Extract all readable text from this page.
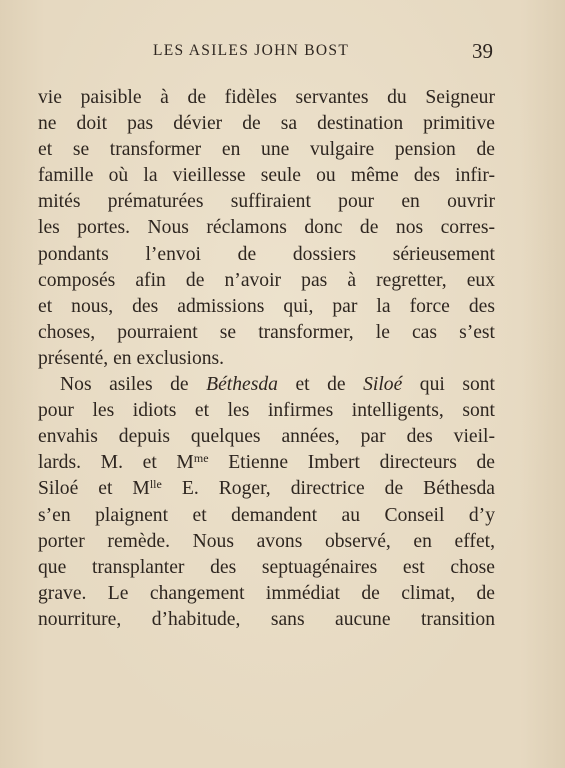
LES ASILES JOHN BOST	39
vie paisible à de fidèles servantes du Seigneur
ne doit pas dévier de sa destination primitive
et se transformer en une vulgaire pension de
famille où la vieillesse seule ou même des infir-
mités prématurées suffiraient pour en ouvrir
les portes. Nous réclamons donc de nos corres-
pondants l’envoi de dossiers sérieusement
composés afin de n’avoir pas à regretter, eux
et nous, des admissions qui, par la force des
choses, pourraient se transformer, le cas s’est
présenté, en exclusions.
Nos asiles de Béthesda et de Siloé qui sont
pour les idiots et les infirmes intelligents, sont
envahis depuis quelques années, par des vieil-
lards. M. et $M^{me}$ Etienne Imbert directeurs de
Siloé et $M^{lle}$ E. Roger, directrice de Béthesda
s’en plaignent et demandent au Conseil d’y
porter remède. Nous avons observé, en effet,
que transplanter des septuagénaires est chose
grave. Le changement immédiat de climat, de
nourriture, d’habitude, sans aucune transition
